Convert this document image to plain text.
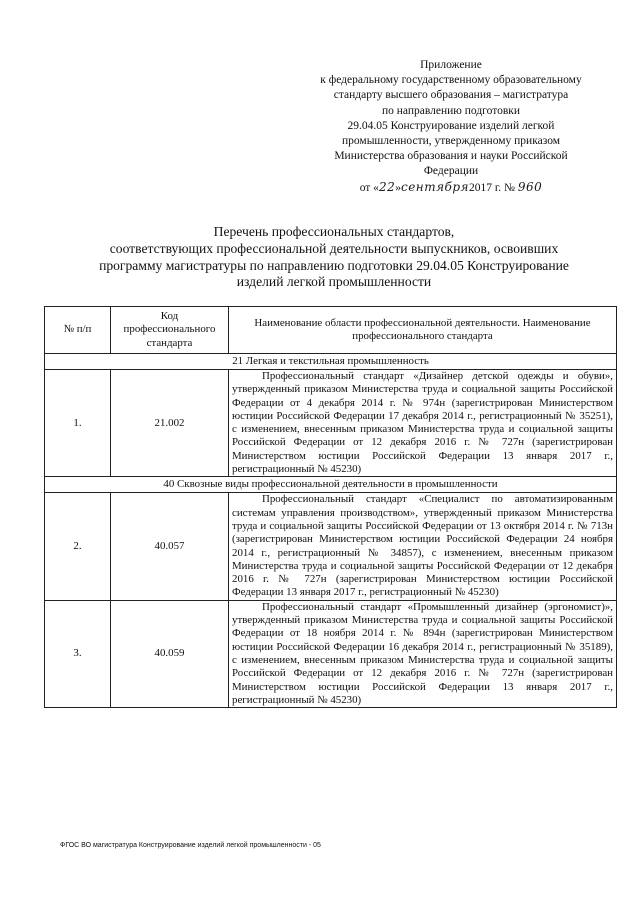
Приложение
к федеральному государственному образовательному
стандарту высшего образования – магистратура
по направлению подготовки
29.04.05 Конструирование изделий легкой
промышленности, утвержденному приказом
Министерства образования и науки Российской
Федерации
от «22»сентября2017 г. № 960
Перечень профессиональных стандартов,
соответствующих профессиональной деятельности выпускников, освоивших
программу магистратуры по направлению подготовки 29.04.05 Конструирование
изделий легкой промышленности
№ п/п	Код профессионального стандарта	Наименование области профессиональной деятельности. Наименование профессионального стандарта
21 Легкая и текстильная промышленность		
1.	21.002	Профессиональный стандарт «Дизайнер детской одежды и обуви», утвержденный приказом Министерства труда и социальной защиты Российской Федерации от 4 декабря 2014 г. № 974н (зарегистрирован Министерством юстиции Российской Федерации 17 декабря 2014 г., регистрационный № 35251), с изменением, внесенным приказом Министерства труда и социальной защиты Российской Федерации от 12 декабря 2016 г. № 727н (зарегистрирован Министерством юстиции Российской Федерации 13 января 2017 г., регистрационный № 45230)
40 Сквозные виды профессиональной деятельности в промышленности		
2.	40.057	Профессиональный стандарт «Специалист по автоматизированным системам управления производством», утвержденный приказом Министерства труда и социальной защиты Российской Федерации от 13 октября 2014 г. № 713н (зарегистрирован Министерством юстиции Российской Федерации 24 ноября 2014 г., регистрационный № 34857), с изменением, внесенным приказом Министерства труда и социальной защиты Российской Федерации от 12 декабря 2016 г. № 727н (зарегистрирован Министерством юстиции Российской Федерации 13 января 2017 г., регистрационный № 45230)
3.	40.059	Профессиональный стандарт «Промышленный дизайнер (эргономист)», утвержденный приказом Министерства труда и социальной защиты Российской Федерации от 18 ноября 2014 г. № 894н (зарегистрирован Министерством юстиции Российской Федерации 16 декабря 2014 г., регистрационный № 35189), с изменением, внесенным приказом Министерства труда и социальной защиты Российской Федерации от 12 декабря 2016 г. № 727н (зарегистрирован Министерством юстиции Российской Федерации 13 января 2017 г., регистрационный № 45230)
ФГОС ВО магистратура Конструирование изделий легкой промышленности - 05
